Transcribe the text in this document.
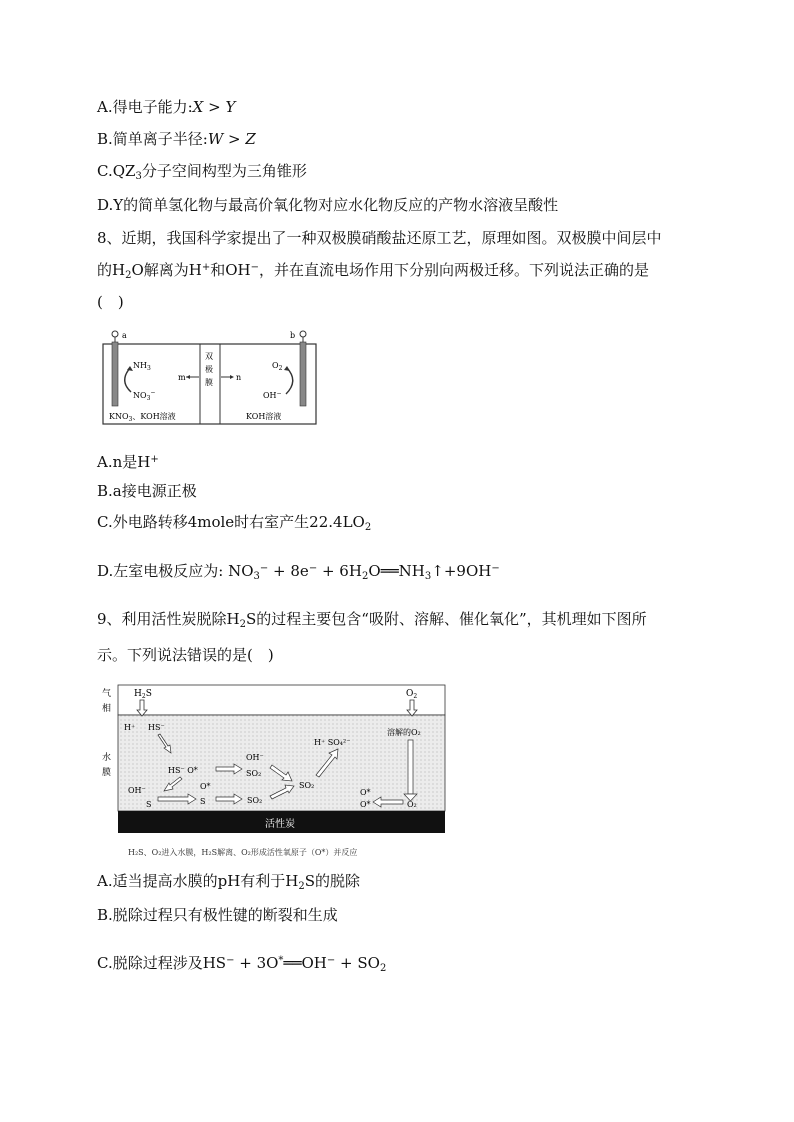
A.得电子能力:X > Y
B.简单离子半径:W > Z
$C.QZ_3$分子空间构型为三角锥形
D.Y的简单氢化物与最高价氧化物对应水化物反应的产物水溶液呈酸性
8、近期，我国科学家提出了一种双极膜硝酸盐还原工艺，原理如图。双极膜中间层中
的$H_2O$解离为H+和OH−，并在直流电场作用下分别向两极迁移。下列说法正确的是
(　)
a	b
$NH_3$
$NO_3^-$
$O_2$
OH−
双
极
膜
m	n
$KNO_3$、KOH溶液	KOH溶液
A.n是H+
B.a接电源正极
C.外电路转移4mole时右室产生$22.4LO_2$
D.左室电极反应为: $NO_3^- + 8e^-$ + $6H_2O══NH_3↑+9OH^-$
9、利用活性炭脱除$H_2S$的过程主要包含“吸附、溶解、催化氧化”，其机理如下图所
示。下列说法错误的是(　)
气
相
水
膜
活性炭
$H_2S$	$O_2$
H⁺ HS⁻
HS⁻ O*
OH⁻
SO₂
SO₂
H⁺ SO₄²⁻
溶解的O₂
OH⁻
S
O*
S	SO₂
O*
O*	O₂
H₂S、O₂进入水膜，H₂S解离、O₂形成活性氧原子（O*）并反应
A.适当提高水膜的pH有利于$H_2S$的脱除
B.脱除过程只有极性键的断裂和生成
C.脱除过程涉及HS− + 3O*══OH− + $SO_2$
